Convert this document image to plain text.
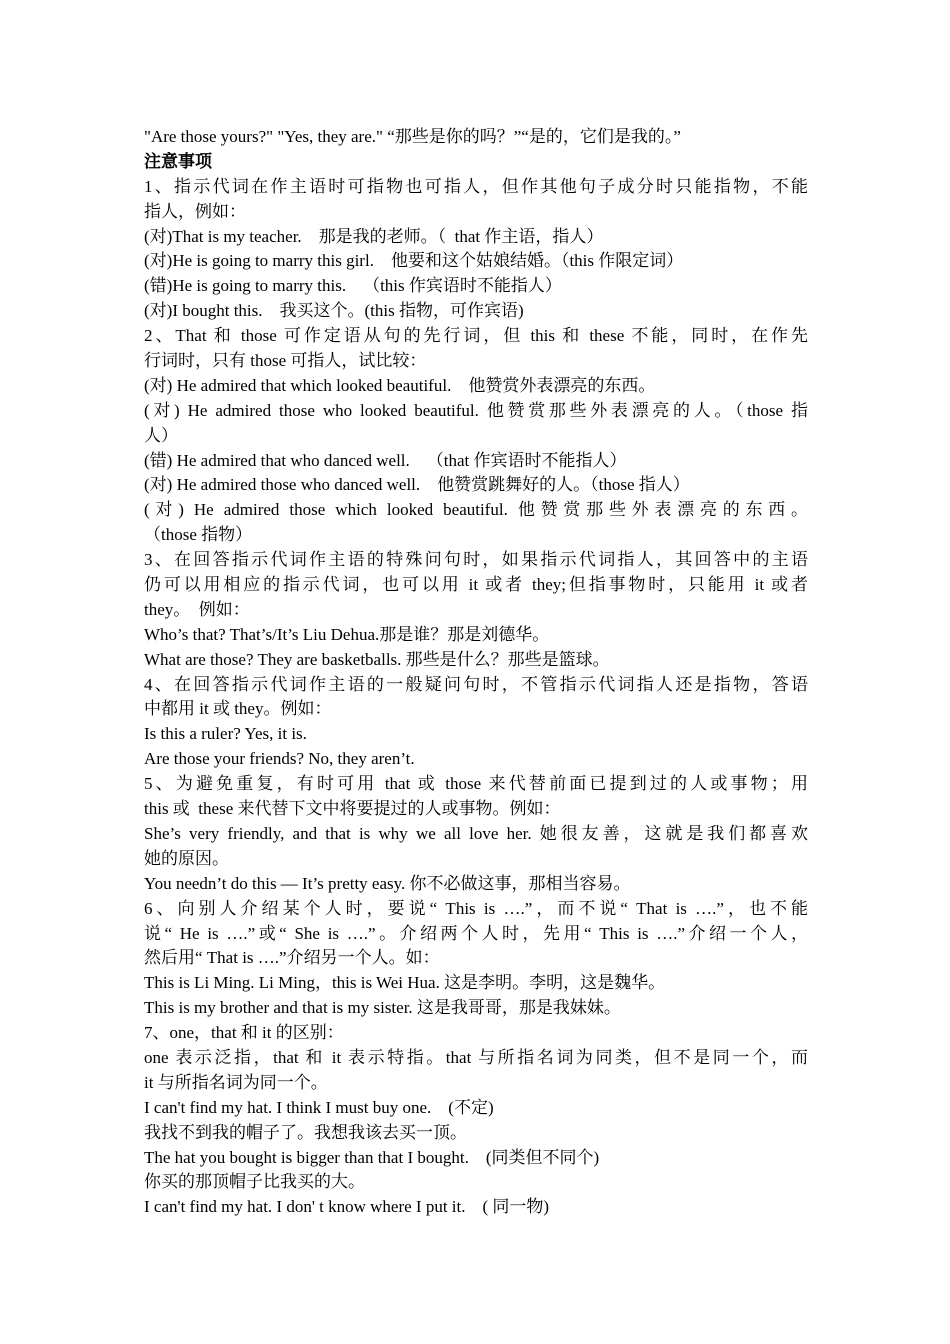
"Are those yours?" "Yes, they are." “那些是你的吗？”“是的，它们是我的。”
注意事项
1、指示代词在作主语时可指物也可指人，但作其他句子成分时只能指物，不能
指人，例如：
(对)That is my teacher.    那是我的老师。（  that 作主语，指人）
(对)He is going to marry this girl.    他要和这个姑娘结婚。（this 作限定词）
(错)He is going to marry this.    （this 作宾语时不能指人）
(对)I bought this.    我买这个。(this 指物，可作宾语)
2、That 和 those 可作定语从句的先行词，但 this 和 these 不能，同时，在作先
行词时，只有 those 可指人，试比较：
(对) He admired that which looked beautiful.    他赞赏外表漂亮的东西。
(对) He admired those who looked beautiful. 他赞赏那些外表漂亮的人。（those 指
人）
(错) He admired that who danced well.    （that 作宾语时不能指人）
(对) He admired those who danced well.    他赞赏跳舞好的人。（those 指人）
(对) He admired those which looked beautiful. 他赞赏那些外表漂亮的东西。
（those 指物）
3、在回答指示代词作主语的特殊问句时，如果指示代词指人，其回答中的主语
仍可以用相应的指示代词，也可以用 it 或者 they;但指事物时，只能用 it 或者
they。  例如：
Who’s that? That’s/It’s Liu Dehua.那是谁？那是刘德华。
What are those? They are basketballs. 那些是什么？那些是篮球。
4、在回答指示代词作主语的一般疑问句时，不管指示代词指人还是指物，答语
中都用 it 或 they。例如：
Is this a ruler? Yes, it is.
Are those your friends? No, they aren’t.
5、为避免重复，有时可用 that 或 those 来代替前面已提到过的人或事物；用
this 或  these 来代替下文中将要提过的人或事物。例如：
She’s very friendly, and that is why we all love her. 她很友善，这就是我们都喜欢
她的原因。
You needn’t do this — It’s pretty easy. 你不必做这事，那相当容易。
6、向别人介绍某个人时，要说“ This is ….”，而不说“ That is ….”，也不能
说“ He is ….”或“ She is ….”。介绍两个人时，先用“ This is ….”介绍一个人，
然后用“ That is ….”介绍另一个人。如：
This is Li Ming. Li Ming，this is Wei Hua. 这是李明。李明，这是魏华。
This is my brother and that is my sister. 这是我哥哥，那是我妹妹。
7、one，that 和 it 的区别：
one 表示泛指，that 和 it 表示特指。that 与所指名词为同类，但不是同一个，而
it 与所指名词为同一个。
I can't find my hat. I think I must buy one.    (不定)
我找不到我的帽子了。我想我该去买一顶。
The hat you bought is bigger than that I bought.    (同类但不同个)
你买的那顶帽子比我买的大。
I can't find my hat. I don' t know where I put it.    ( 同一物)
